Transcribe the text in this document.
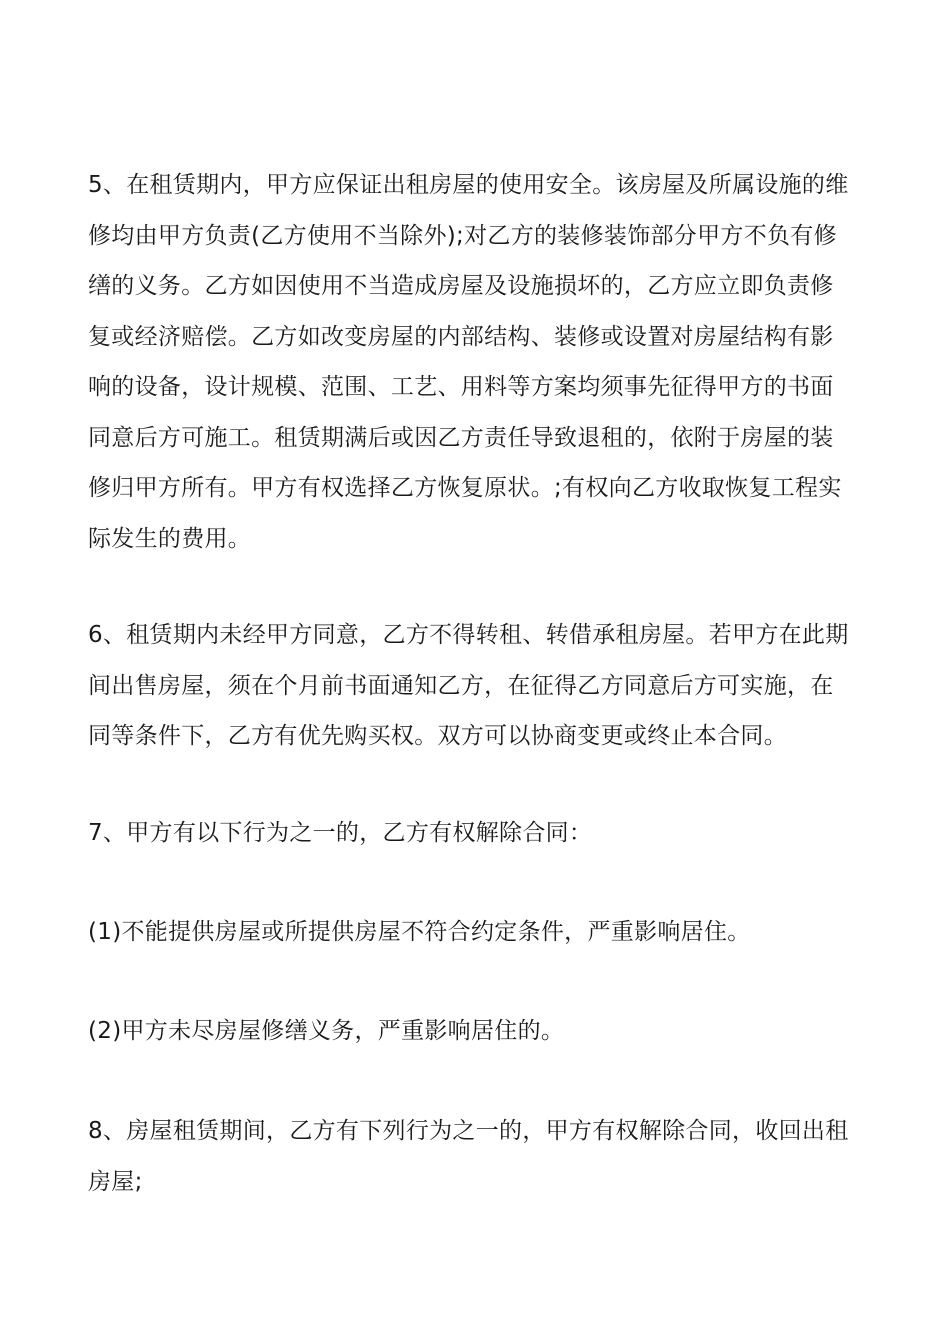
5、在租赁期内，甲方应保证出租房屋的使用安全。该房屋及所属设施的维
修均由甲方负责(乙方使用不当除外);对乙方的装修装饰部分甲方不负有修
缮的义务。乙方如因使用不当造成房屋及设施损坏的，乙方应立即负责修
复或经济赔偿。乙方如改变房屋的内部结构、装修或设置对房屋结构有影
响的设备，设计规模、范围、工艺、用料等方案均须事先征得甲方的书面
同意后方可施工。租赁期满后或因乙方责任导致退租的，依附于房屋的装
修归甲方所有。甲方有权选择乙方恢复原状。;有权向乙方收取恢复工程实
际发生的费用。
6、租赁期内未经甲方同意，乙方不得转租、转借承租房屋。若甲方在此期
间出售房屋，须在个月前书面通知乙方，在征得乙方同意后方可实施，在
同等条件下，乙方有优先购买权。双方可以协商变更或终止本合同。
7、甲方有以下行为之一的，乙方有权解除合同：
(1)不能提供房屋或所提供房屋不符合约定条件，严重影响居住。
(2)甲方未尽房屋修缮义务，严重影响居住的。
8、房屋租赁期间，乙方有下列行为之一的，甲方有权解除合同，收回出租
房屋;
